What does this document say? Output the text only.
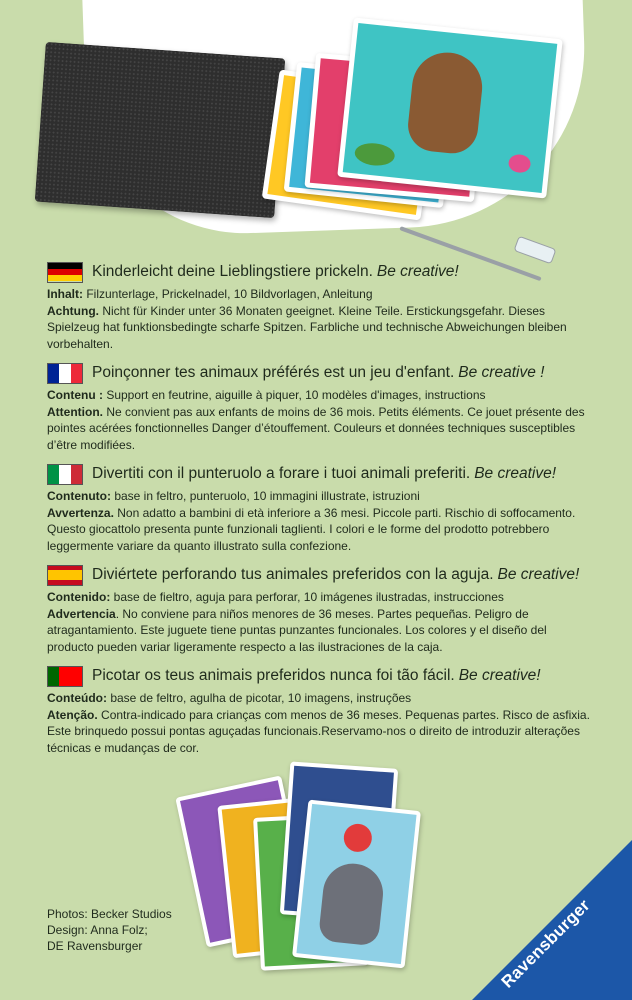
Kinderleicht deine Lieblingstiere prickeln. Be creative!
Inhalt: Filzunterlage, Prickelnadel, 10 Bildvorlagen, Anleitung
Achtung. Nicht für Kinder unter 36 Monaten geeignet. Kleine Teile. Erstickungsgefahr. Dieses Spielzeug hat funktionsbedingte scharfe Spitzen. Farbliche und technische Abweichungen bleiben vorbehalten.
Poinçonner tes animaux préférés est un jeu d'enfant. Be creative !
Contenu : Support en feutrine, aiguille à piquer, 10 modèles d'images, instructions
Attention. Ne convient pas aux enfants de moins de 36 mois. Petits éléments. Ce jouet présente des pointes acérées fonctionnelles Danger d’étouffement. Couleurs et données techniques susceptibles d’être modifiées.
Divertiti con il punteruolo a forare i tuoi animali preferiti. Be creative!
Contenuto: base in feltro, punteruolo, 10 immagini illustrate, istruzioni
Avvertenza. Non adatto a bambini di età inferiore a 36 mesi. Piccole parti. Rischio di soffocamento. Questo giocattolo presenta punte funzionali taglienti. I colori e le forme del prodotto potrebbero leggermente variare da quanto illustrato sulla confezione.
Diviértete perforando tus animales preferidos con la aguja. Be creative!
Contenido: base de fieltro, aguja para perforar, 10 imágenes ilustradas, instrucciones
Advertencia. No conviene para niños menores de 36 meses. Partes pequeñas. Peligro de atragantamiento. Este juguete tiene puntas punzantes funcionales. Los colores y el diseño del producto pueden variar ligeramente respecto a las ilustraciones de la caja.
Picotar os teus animais preferidos nunca foi tão fácil. Be creative!
Conteúdo: base de feltro, agulha de picotar, 10 imagens, instruções
Atenção. Contra-indicado para crianças com menos de 36 meses. Pequenas partes. Risco de asfixia. Este brinquedo possui pontas aguçadas funcionais.Reservamo-nos o direito de introduzir alterações técnicas e mudanças de cor.
Photos: Becker Studios
Design: Anna Folz;
DE Ravensburger	Ravensburger
